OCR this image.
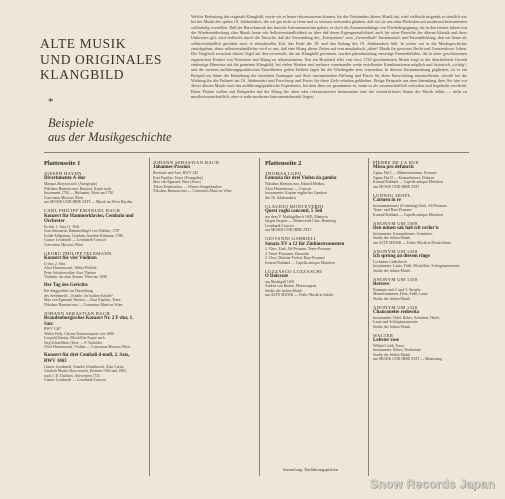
ALTE MUSIK
UND ORIGINALES
KLANGBILD
*
Beispiele
aus der Musikgeschichte

Welche Bedeutung das originale Klangbild, sowie wir es heute rekonstruieren können, für das Verständnis älterer Musik hat, wird vielleicht nirgends so deutlich wie bei der Musik des späten 18. Jahrhunderts, der wir gar nicht so ferne und so vertraut verbunden glauben, daß wir sie uns ohne Bedenken auf modernen Instrumenten vollständig vorstellen. Daß der Barockmusik das barocke Instrumentarium gehört, es doch die Zusammenhänge von Wiederbegegnung, die in den letzten Jahren mit der Wiederentdeckung alter Musik heute wie Selbstverständlichkeit zu über daß deren Eigengesetzlichkeit auch für seine Bereiche der älteren Klassik und ihres Umkreises gilt, wird vielleicht durch die Tatsache, daß die Verwendung des „Fortepianos“ zum „Generalbaß“ Instrumental- und Ensembleklang, den wir heute als selbstverständlich gewöhnt sind, ei ebendieselbe Zeit, das Ende der 18. und den Anfang des 19. Jahrhunderts fällt. Je weiter wir in die Musikgeschichte zurückgehen, desto selbstverständlicher wird es uns, daß eine Klang dieser Zeiten auf rein musikalisch „alten“ Musik ihr gewisses Recht und Grenzenloses Leben. Der Vergleich zwischen diesen Orgel auf den verwendet, die am Klangbild gewinnen, wurden jahrzehntelang einseitige Ensemblefakte, die in einer geschlossenen organischen Einheit von Notentext und Klang zu rekonstruieren. Nur ein Bruchteil aller von circa 1720 geschriebenen Musik trägt in der überlieferten Gestalt eindeutige Hinweise auf die gemeinte Klangbild, bei vielen Werken sind mehrere voneinander weite erstellender Kombinationen möglich und historisch „richtig“, und die meisten aufführungspraktischen Einzelheiten gehen Freiheit lagen für die Wiedergabe stets erneuerbar. In diesem Zusammenhang gegliedert, ist es ein Beispiel im Sinne der Entstehung der einzelnen Gattungen und ihrer instrumentalen Färbung und Praxis für diese Entwicklung anzustrebende, sowohl bei die Wirkung für die Frühzeit im 16. Jahrhundert und Forschung und Praxis für diese Ziele erhalten geblieben. Einige Beispiele aus dem Sammlung ihrer Sie hier vor dieser älteren Musik nach das aufführungspraktische Experiment, bei dem dem vor genommen es, wenn es als wissenschaftlich vertretbar und begründet erscheint. Diese Platten wollen mit Beispielen auf der Klang der alten oder rekonstruierten Instrumente eine der wesentlichsten Seiten der Musik selbst — nicht zu musikwissenschaftlich, aber so nahe moderner Instrumentalmusik liegen.

Plattenseite 1
JOSEPH HAYDN
Divertimento A-dur
Marquis Baryton solo (Autograph)
Nikolaus Harnoncourt, Baryton, Kopie nach
Instrument 1750 — Hofmann, Wien um 1750
Concentus Musicus Wien
aus MUSIK UND IHRE ZEIT — Musik im Wien Haydns
CARL PHILIPP EMANUEL BACH
Konzert für Hammerklavier, Cembalo und Orchester
Es-dur, 1. Satz (1. Teil)
Jean Antonietti, Hammerflügel von Walther, 1787
Isolde Ahlgrimm, Cembalo Joachim Kirkman, 1786
Gustav Leonhardt — Leonhardt-Consort
Concentus Musicus Wien
GEORG PHILIPP TELEMANN
Konzert für vier Violinen
G-dur, 2. Satz
Alice Harnoncourt, Walter Pfeiffer,
Peter Schoberwalter, Kurt Theiner
Violinen: Jacobus Stainer, Wien um 1690
Der Tag des Gerichts
Ein Singgedicht zur Darstellung
des Seelenheils: „Schalle, ihr holden Schalle“
Max von Egmond, Bariton — Kurt Equiluz, Tenor
Nikolaus Harnoncourt — Concentus Musicus Wien
JOHANN SEBASTIAN BACH
Brandenburgisches Konzert Nr. 2 F-dur, 1. Satz
BWV 1047
Walter Holy, Clarino Naturtrompete von 1680
Leopold Stastny, Blockflöte Kopie nach
Jürg Schaeftlein, Oboe — P. Tachilder
Alice Harnoncourt, Violine — Concentus Musicus Wien
Konzert für drei Cembali d-moll, 2. Satz, BWV 1063
Gustav Leonhardt, Anneke Uittenbosch, Alan Curtis,
Cembali Martin Skowroneck, Bremen 1962 und 1963,
nach J. D. Dulcken, Antwerpen 1745
Gustav Leonhardt — Leonhardt-Consort
JOHANN SEBASTIAN BACH
Johannes-Passion
Rezitativ und Arie, BWV 245
Kurt Equiluz, Tenor (Evangelist)
Max van Egmond, Bass (Jesus)
Tölzer Knabenchor — Wiener Sängerknaben
Nikolaus Harnoncourt — Concentus Musicus Wien
Plattenseite 2
THOMAS LUPO
Fantasia für drei Violen da gamba
Nikolaus Harnoncourt, Eduard Melkus,
Alice Harnoncourt — Consort
Instrumente: Kopien englischer Gamben
des 16. Jahrhunderts
CLAUDIO MONTEVERDI
Quest vaghi concenti, 5 Teil
aus dem V. Madrigalbuch 1605, Mantova
Jürgen Jürgens — Monteverdi-Chor, Hamburg
Leonhardt-Consort
aus MUSIK UND IHRE ZEIT
GIOVANNI GABRIELI
Sonata XV a 12 für Zinkinstrumenten
1. Chor: Zink, Alt-Posaune, Tenor-Posaune,
2. Tenor-Posaunen, Basszink
2. Chor: Dulzian-Violen, Bass-Posaune
Konrad Ruhland — Capella antiqua München
LUZZASCO LUZZASCHI
O Dolcezze
aus Madrigali 1601
Andrea von Ramm, Mezzosopran
Studio der frühen Musik
aus ALTE MUSIK — Frühe Musik in Italien
PIERRE DE LA RUE
Missa pro defunctis
Agnus Dei I — Männerstimmen, Posaune
Agnus Dei II — Krummhörner, Dulzian
Konrad Ruhland — Capella antiqua München
aus MUSIK UND IHRE ZEIT
LUDWIG SENFL
Carmen in re
Instrumentensatz (4-stimmig) Zink, Alt-Posaune,
Tenor- und Bass-Posaune
Konrad Ruhland — Capella antiqua München
ANONYM UM 1500
Den minen sak hab ich verlor'n
Instrumente: Krummhörner, Gemshorn
Studio der frühen Musik
aus ALTE MUSIK — Frühe Musik in Deutschland
ANONYM UM 1450
Ich sprung an diesem ringe
Lochamer Liederbuch
Instrumente: Laute, Fidel, Blockflöte, Schlaginstrumente
Studio der frühen Musik
ANONYM UM 1350
Retrove
Estampie und 2. und 3. Strophe
Männerstimmen, Flöte, Fidel, Laute
Studio der frühen Musik
ANONYM UM 1320
Chanconette redowita
Instrumente: Fidel, Rebec, Schalmei, Harfe,
Laute und Schlaginstrumente
Studio der frühen Musik
WALTER
Lobster rose
Willard Cobb, Tenor
Instrumente: Rebec, Psalterium
Studio der frühen Musik
aus MUSIK UND IHRE ZEIT — Minnesang
Sammlung: Einführungsplatten
Snow Records Japan
